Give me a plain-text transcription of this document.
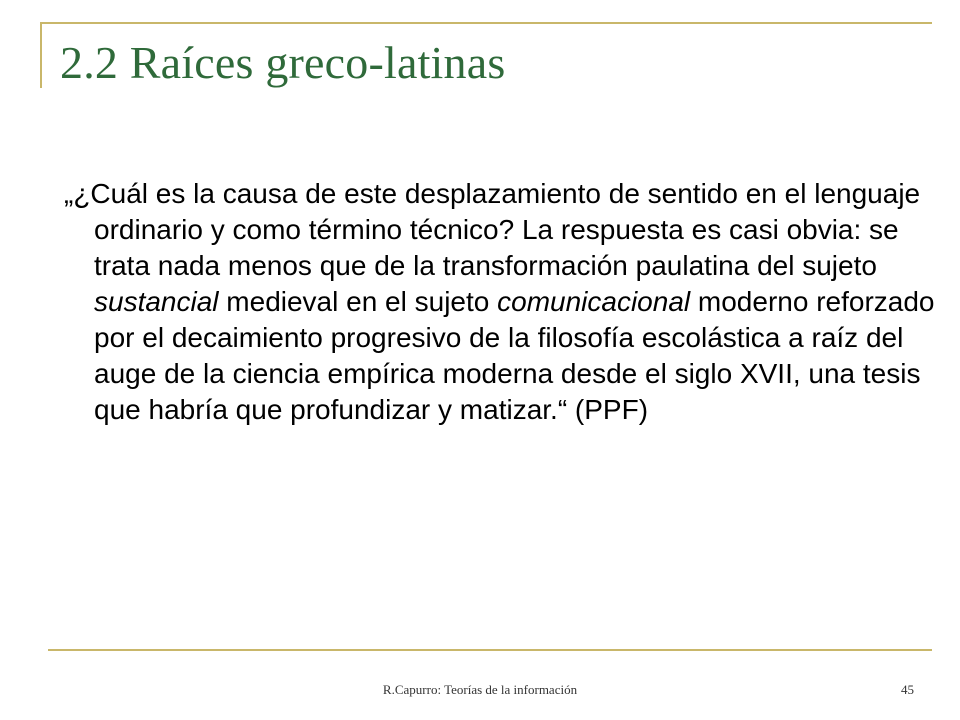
2.2 Raíces greco-latinas

„¿Cuál es la causa de este desplazamiento de sentido en el lenguaje ordinario y como término técnico? La respuesta es casi obvia: se trata nada menos que de la transformación paulatina del sujeto sustancial medieval en el sujeto comunicacional moderno reforzado por el decaimiento progresivo de la filosofía escolástica a raíz del auge de la ciencia empírica moderna desde el siglo XVII, una tesis que habría que profundizar y matizar.“ (PPF)

R.Capurro: Teorías de la información	45
